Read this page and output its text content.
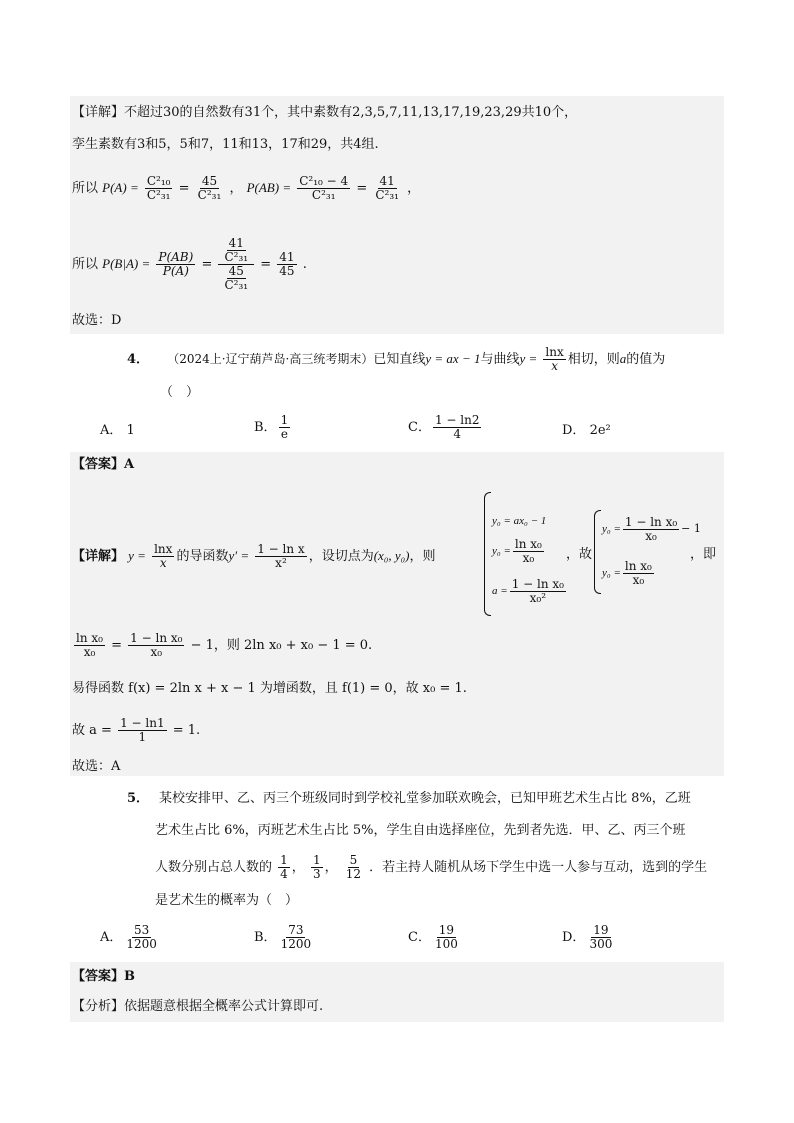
【详解】不超过30的自然数有31个，其中素数有2,3,5,7,11,13,17,19,23,29共10个，
孪生素数有3和5，5和7，11和13，17和29，共4组.
所以 $P(A) = \frac{\text{C²₁₀}}{\text{C²₃₁}} = \frac{45}{\text{C²₃₁}}$ ， $P(AB) = \frac{\text{C²₁₀ − 4}}{\text{C²₃₁}} = \frac{41}{\text{C²₃₁}}$ ，
所以 $P(B|A) = \frac{P(AB)}{P(A)} = \frac{\frac{41}{\text{C²₃₁}}}{\frac{45}{\text{C²₃₁}}} = \frac{41}{45}$ .
故选：D
4． （2024上·辽宁葫芦岛·高三统考期末）已知直线y = ax − 1与曲线$y = \frac{\ln x}{x}$ 相切，则a的值为
（　）
A． 1	B． $\frac{1}{e}$	C． $\frac{1 - \ln 2}{4}$	D． 2e²
【答案】A
【详解】 $y = \frac{\ln x}{x}$ 的导函数$y' = \frac{\text{1 − ln x}}{\text{x²}}$ ，设切点为(x₀, y₀)，则
y₀ = ax₀ − 1
$y_0 = \frac{\text{ln x₀}}{\text{x₀}}$
$a = \frac{\text{1 − ln x₀}}{\text{x₀²}}$
，故
$y_0 = \frac{\text{1 − ln x₀}}{\text{x₀}} - 1$
$y_0 = \frac{\text{ln x₀}}{\text{x₀}}$
，即
$\frac{\text{ln x₀}}{\text{x₀}} = \frac{\text{1 − ln x₀}}{\text{x₀}} - 1$，则 2ln x₀ + x₀ − 1 = 0.
易得函数 f(x) = 2ln x + x − 1 为增函数，且 f(1) = 0，故 x₀ = 1.
故 $a = \frac{1 - \ln 1}{1} = 1$.
故选：A
5． 某校安排甲、乙、丙三个班级同时到学校礼堂参加联欢晚会，已知甲班艺术生占比 8%，乙班
艺术生占比 6%，丙班艺术生占比 5%，学生自由选择座位，先到者先选．甲、乙、丙三个班
人数分别占总人数的 $\frac{1}{4}$ ， $\frac{1}{3}$ ， $\frac{5}{12}$ ．若主持人随机从场下学生中选一人参与互动，选到的学生
是艺术生的概率为（　）
A． $\frac{53}{1200}$	B． $\frac{73}{1200}$	C． $\frac{19}{100}$	D． $\frac{19}{300}$
【答案】B
【分析】依据题意根据全概率公式计算即可.
